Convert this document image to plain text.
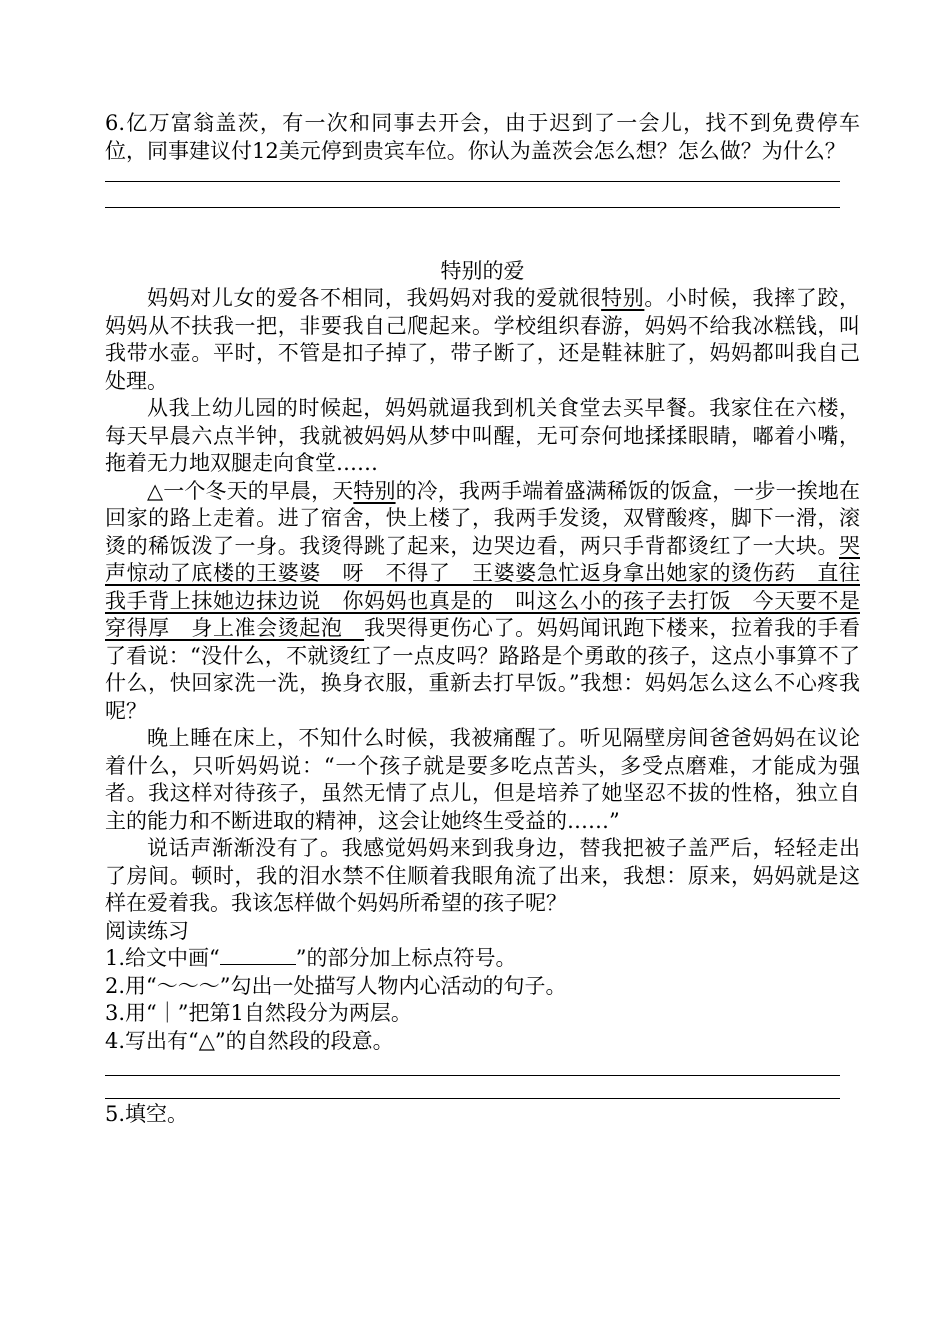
6.亿万富翁盖茨，有一次和同事去开会，由于迟到了一会儿，找不到免费停车位，同事建议付12美元停到贵宾车位。你认为盖茨会怎么想？怎么做？为什么？

特别的爱

妈妈对儿女的爱各不相同，我妈妈对我的爱就很特别。小时候，我摔了跤，妈妈从不扶我一把，非要我自己爬起来。学校组织春游，妈妈不给我冰糕钱，叫我带水壶。平时，不管是扣子掉了，带子断了，还是鞋袜脏了，妈妈都叫我自己处理。

从我上幼儿园的时候起，妈妈就逼我到机关食堂去买早餐。我家住在六楼，每天早晨六点半钟，我就被妈妈从梦中叫醒，无可奈何地揉揉眼睛，嘟着小嘴，拖着无力地双腿走向食堂……

△一个冬天的早晨，天特别的冷，我两手端着盛满稀饭的饭盒，一步一挨地在回家的路上走着。进了宿舍，快上楼了，我两手发烫，双臂酸疼，脚下一滑，滚烫的稀饭泼了一身。我烫得跳了起来，边哭边看，两只手背都烫红了一大块。哭声惊动了底楼的王婆婆　呀　不得了　王婆婆急忙返身拿出她家的烫伤药　直往我手背上抹她边抹边说　你妈妈也真是的　叫这么小的孩子去打饭　今天要不是穿得厚　身上准会烫起泡　我哭得更伤心了。妈妈闻讯跑下楼来，拉着我的手看了看说：“没什么，不就烫红了一点皮吗？路路是个勇敢的孩子，这点小事算不了什么，快回家洗一洗，换身衣服，重新去打早饭。”我想：妈妈怎么这么不心疼我呢？

晚上睡在床上，不知什么时候，我被痛醒了。听见隔壁房间爸爸妈妈在议论着什么，只听妈妈说：“一个孩子就是要多吃点苦头，多受点磨难，才能成为强者。我这样对待孩子，虽然无情了点儿，但是培养了她坚忍不拔的性格，独立自主的能力和不断进取的精神，这会让她终生受益的……”

说话声渐渐没有了。我感觉妈妈来到我身边，替我把被子盖严后，轻轻走出了房间。顿时，我的泪水禁不住顺着我眼角流了出来，我想：原来，妈妈就是这样在爱着我。我该怎样做个妈妈所希望的孩子呢？

阅读练习

1.给文中画“	”的部分加上标点符号。

2.用“～～～”勾出一处描写人物内心活动的句子。

3.用“｜”把第1自然段分为两层。

4.写出有“△”的自然段的段意。

5.填空。
